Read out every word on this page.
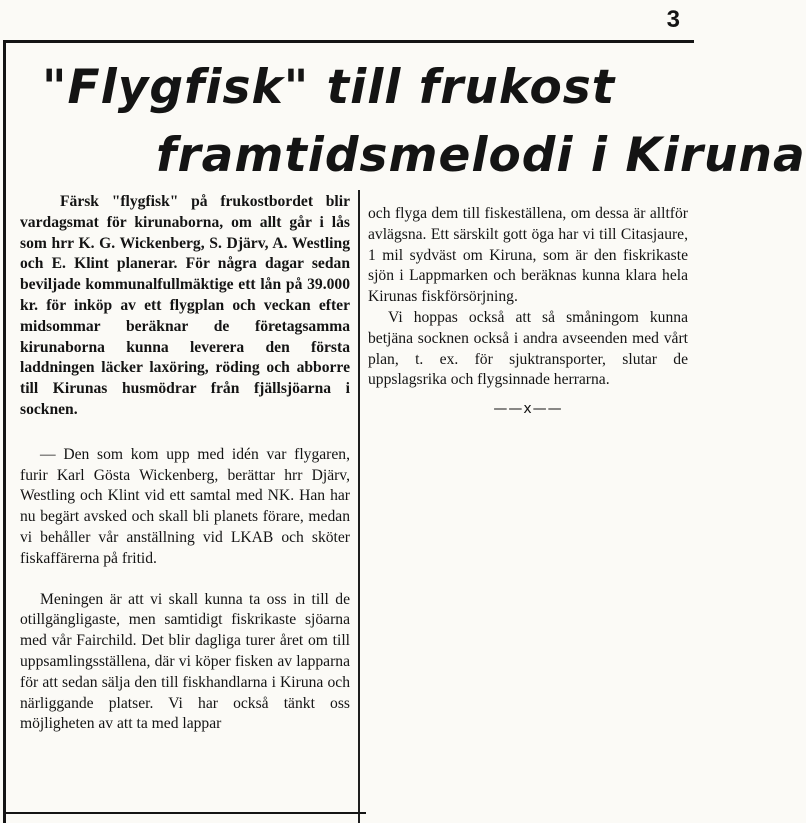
3
"Flygfisk" till frukost
framtidsmelodi i Kiruna

Färsk "flygfisk" på frukostbordet blir vardagsmat för kirunaborna, om allt går i lås som hrr K. G. Wickenberg, S. Djärv, A. Westling och E. Klint planerar. För några dagar sedan beviljade kommunalfullmäktige ett lån på 39.000 kr. för inköp av ett flygplan och veckan efter midsommar beräknar de företagsamma kirunaborna kunna leverera den första laddningen läcker laxöring, röding och abborre till Kirunas husmödrar från fjällsjöarna i socknen.

— Den som kom upp med idén var flygaren, furir Karl Gösta Wickenberg, berättar hrr Djärv, Westling och Klint vid ett samtal med NK. Han har nu begärt avsked och skall bli planets förare, medan vi behåller vår anställning vid LKAB och sköter fiskaffärerna på fritid.

Meningen är att vi skall kunna ta oss in till de otillgängligaste, men samtidigt fiskrikaste sjöarna med vår Fairchild. Det blir dagliga turer året om till uppsamlingsställena, där vi köper fisken av lapparna för att sedan sälja den till fiskhandlarna i Kiruna och närliggande platser. Vi har också tänkt oss möjligheten av att ta med lappar

och flyga dem till fiskeställena, om dessa är alltför avlägsna. Ett särskilt gott öga har vi till Citasjaure, 1 mil sydväst om Kiruna, som är den fiskrikaste sjön i Lappmarken och beräknas kunna klara hela Kirunas fiskförsörjning.

Vi hoppas också att så småningom kunna betjäna socknen också i andra avseenden med vårt plan, t. ex. för sjuktransporter, slutar de uppslagsrika och flygsinnade herrarna.

——x——
